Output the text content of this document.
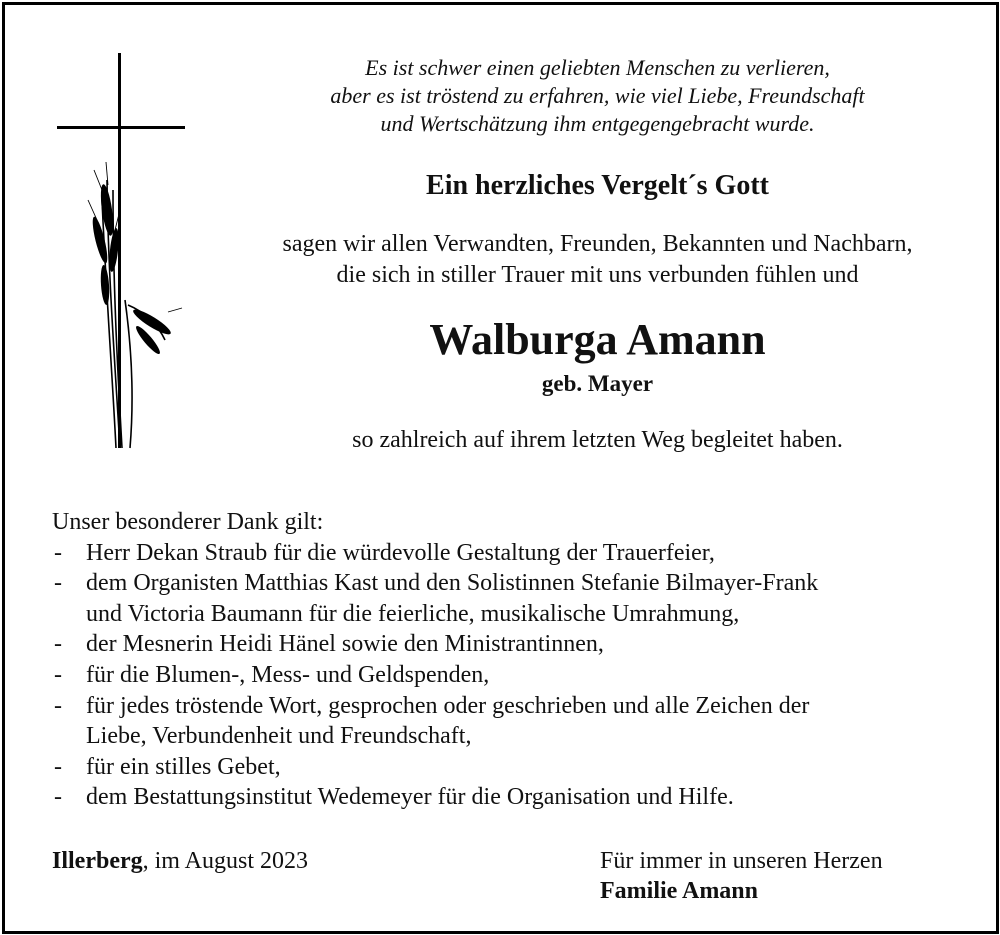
Es ist schwer einen geliebten Menschen zu verlieren,
aber es ist tröstend zu erfahren, wie viel Liebe, Freundschaft
und Wertschätzung ihm entgegengebracht wurde.
Ein herzliches Vergelt´s Gott
sagen wir allen Verwandten, Freunden, Bekannten und Nachbarn,
die sich in stiller Trauer mit uns verbunden fühlen und
Walburga Amann
geb. Mayer
so zahlreich auf ihrem letzten Weg begleitet haben.
Unser besonderer Dank gilt:
- Herr Dekan Straub für die würdevolle Gestaltung der Trauerfeier,
- dem Organisten Matthias Kast und den Solistinnen Stefanie Bilmayer-Frank
und Victoria Baumann für die feierliche, musikalische Umrahmung,
- der Mesnerin Heidi Hänel sowie den Ministrantinnen,
- für die Blumen-, Mess- und Geldspenden,
- für jedes tröstende Wort, gesprochen oder geschrieben und alle Zeichen der
Liebe, Verbundenheit und Freundschaft,
- für ein stilles Gebet,
- dem Bestattungsinstitut Wedemeyer für die Organisation und Hilfe.
Illerberg, im August 2023	Für immer in unseren Herzen
Familie Amann
